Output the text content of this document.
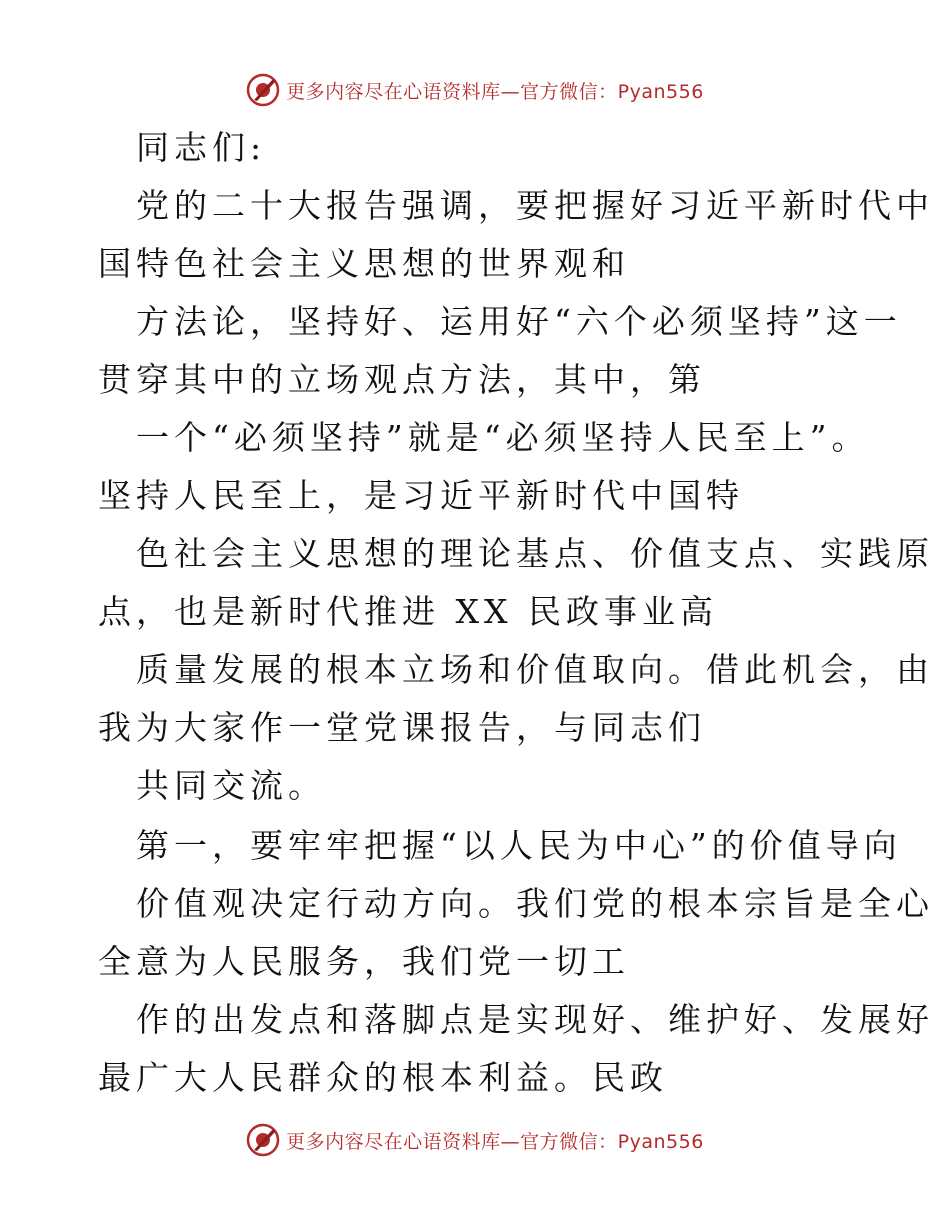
更多内容尽在心语资料库—官方微信：Pyan556
同志们:
党的二十大报告强调，要把握好习近平新时代中
国特色社会主义思想的世界观和
方法论，坚持好、运用好“六个必须坚持”这一
贯穿其中的立场观点方法，其中，第
一个“必须坚持”就是“必须坚持人民至上”。
坚持人民至上，是习近平新时代中国特
色社会主义思想的理论基点、价值支点、实践原
点，也是新时代推进 XX 民政事业高
质量发展的根本立场和价值取向。借此机会，由
我为大家作一堂党课报告，与同志们
共同交流。
第一，要牢牢把握“以人民为中心”的价值导向
价值观决定行动方向。我们党的根本宗旨是全心
全意为人民服务，我们党一切工
作的出发点和落脚点是实现好、维护好、发展好
最广大人民群众的根本利益。民政
更多内容尽在心语资料库—官方微信：Pyan556
